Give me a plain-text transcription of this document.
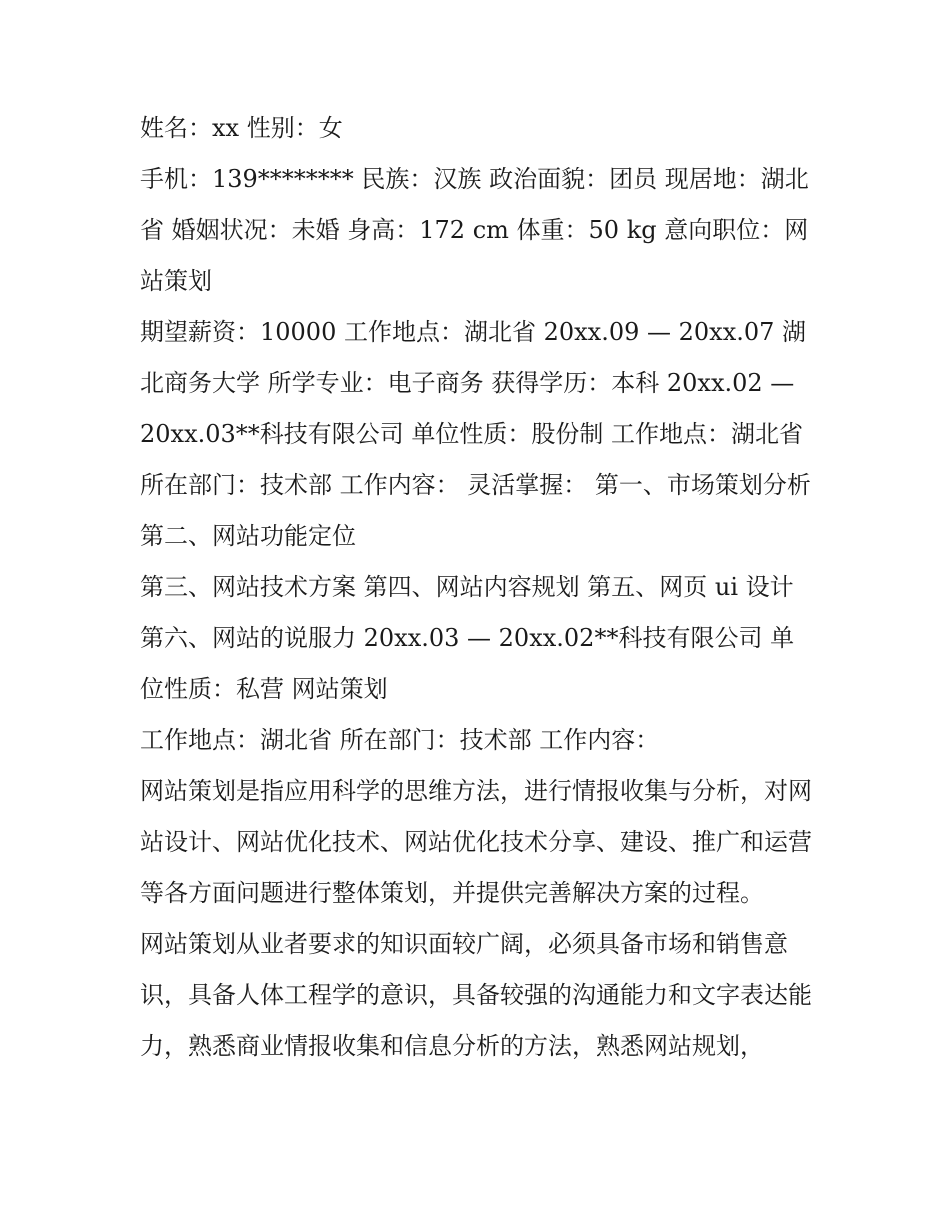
姓名：xx 性别：女

手机：139******** 民族：汉族 政治面貌：团员 现居地：湖北省 婚姻状况：未婚 身高：172 cm 体重：50 kg 意向职位：网站策划

期望薪资：10000 工作地点：湖北省 20xx.09 — 20xx.07 湖北商务大学 所学专业：电子商务 获得学历：本科 20xx.02 — 20xx.03**科技有限公司 单位性质：股份制 工作地点：湖北省 所在部门：技术部 工作内容： 灵活掌握： 第一、市场策划分析 第二、网站功能定位

第三、网站技术方案 第四、网站内容规划 第五、网页 ui 设计 第六、网站的说服力 20xx.03 — 20xx.02**科技有限公司 单位性质：私营 网站策划

工作地点：湖北省 所在部门：技术部 工作内容：

网站策划是指应用科学的思维方法，进行情报收集与分析，对网站设计、网站优化技术、网站优化技术分享、建设、推广和运营等各方面问题进行整体策划，并提供完善解决方案的过程。

网站策划从业者要求的知识面较广阔，必须具备市场和销售意识，具备人体工程学的意识，具备较强的沟通能力和文字表达能力，熟悉商业情报收集和信息分析的方法，熟悉网站规划，
